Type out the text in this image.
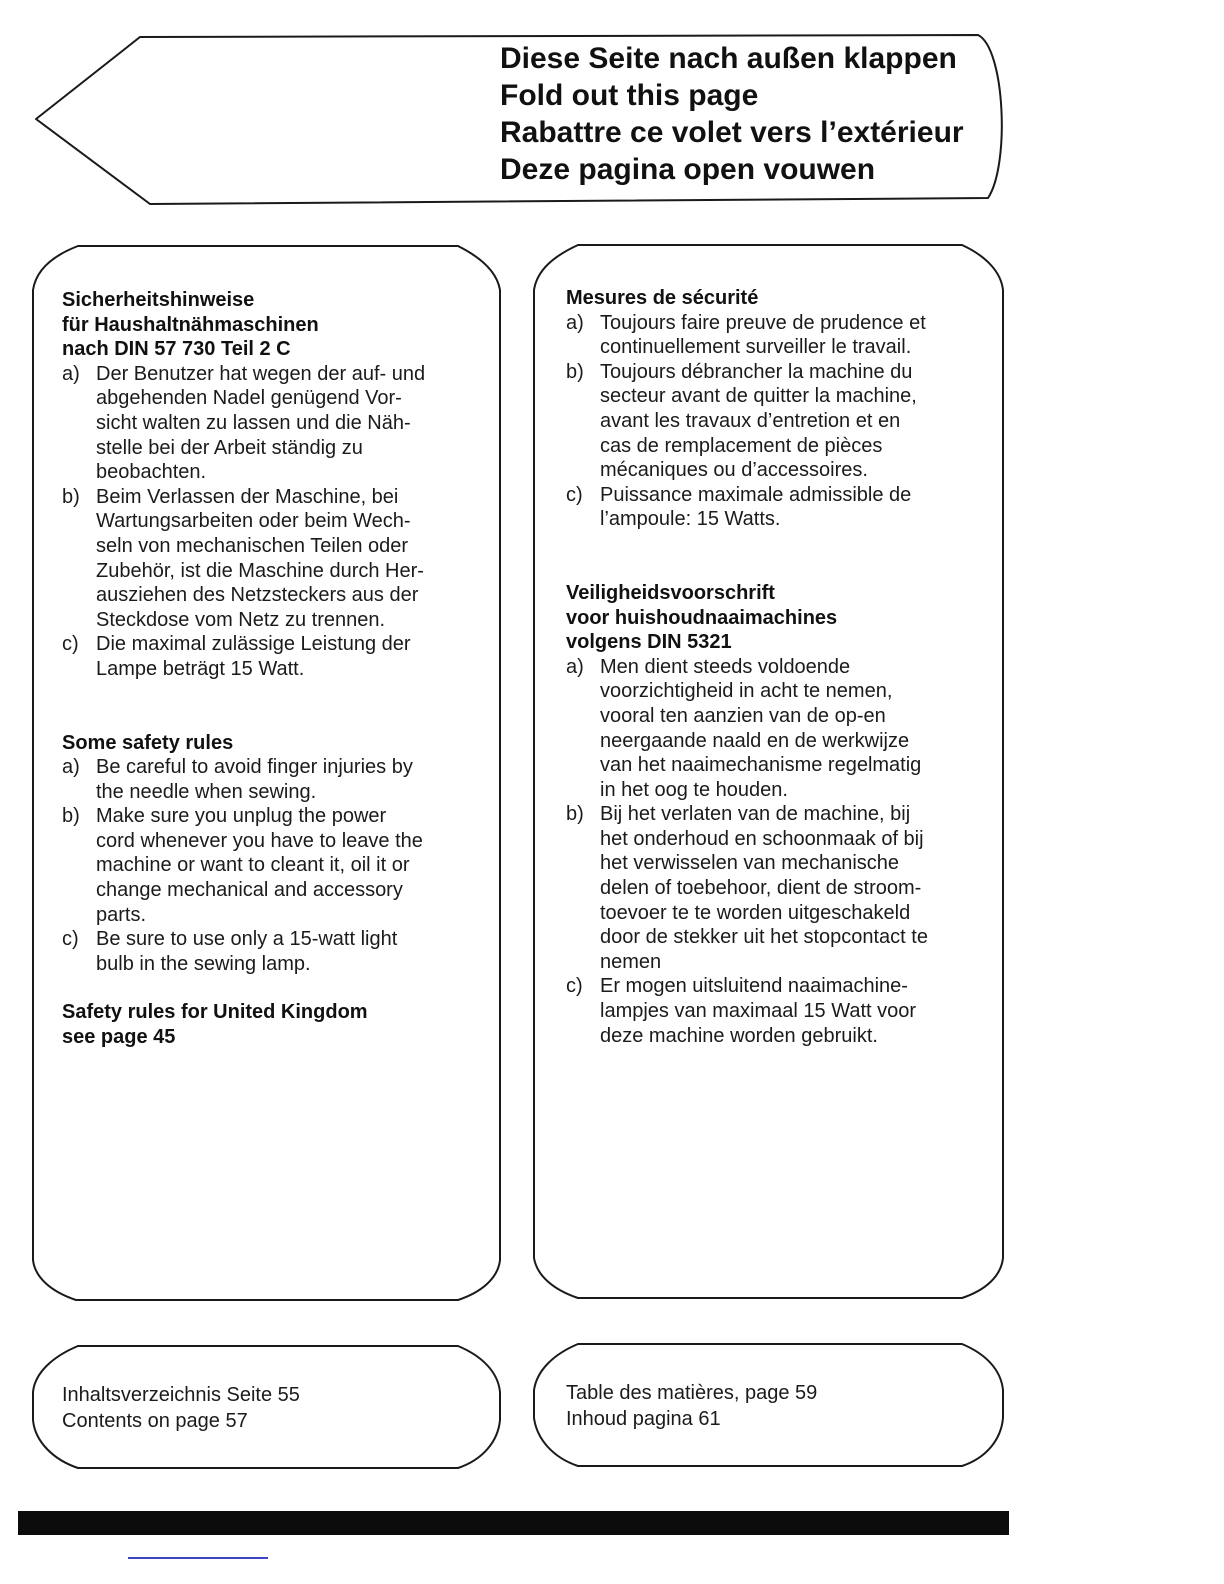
Diese Seite nach außen klappen
Fold out this page
Rabattre ce volet vers l’extérieur
Deze pagina open vouwen
Sicherheitshinweise
für Haushaltnähmaschinen
nach DIN 57 730 Teil 2 C
a) Der Benutzer hat wegen der auf- und
abgehenden Nadel genügend Vor-
sicht walten zu lassen und die Näh-
stelle bei der Arbeit ständig zu
beobachten.
b) Beim Verlassen der Maschine, bei
Wartungsarbeiten oder beim Wech-
seln von mechanischen Teilen oder
Zubehör, ist die Maschine durch Her-
ausziehen des Netzsteckers aus der
Steckdose vom Netz zu trennen.
c) Die maximal zulässige Leistung der
Lampe beträgt 15 Watt.
Some safety rules
a) Be careful to avoid finger injuries by
the needle when sewing.
b) Make sure you unplug the power
cord whenever you have to leave the
machine or want to cleant it, oil it or
change mechanical and accessory
parts.
c) Be sure to use only a 15-watt light
bulb in the sewing lamp.
Safety rules for United Kingdom
see page 45
Mesures de sécurité
a) Toujours faire preuve de prudence et
continuellement surveiller le travail.
b) Toujours débrancher la machine du
secteur avant de quitter la machine,
avant les travaux d’entretion et en
cas de remplacement de pièces
mécaniques ou d’accessoires.
c) Puissance maximale admissible de
l’ampoule: 15 Watts.
Veiligheidsvoorschrift
voor huishoudnaaimachines
volgens DIN 5321
a) Men dient steeds voldoende
voorzichtigheid in acht te nemen,
vooral ten aanzien van de op-en
neergaande naald en de werkwijze
van het naaimechanisme regelmatig
in het oog te houden.
b) Bij het verlaten van de machine, bij
het onderhoud en schoonmaak of bij
het verwisselen van mechanische
delen of toebehoor, dient de stroom-
toevoer te te worden uitgeschakeld
door de stekker uit het stopcontact te
nemen
c) Er mogen uitsluitend naaimachine-
lampjes van maximaal 15 Watt voor
deze machine worden gebruikt.
Inhaltsverzeichnis Seite 55
Contents on page 57
Table des matières, page 59
Inhoud pagina 61
